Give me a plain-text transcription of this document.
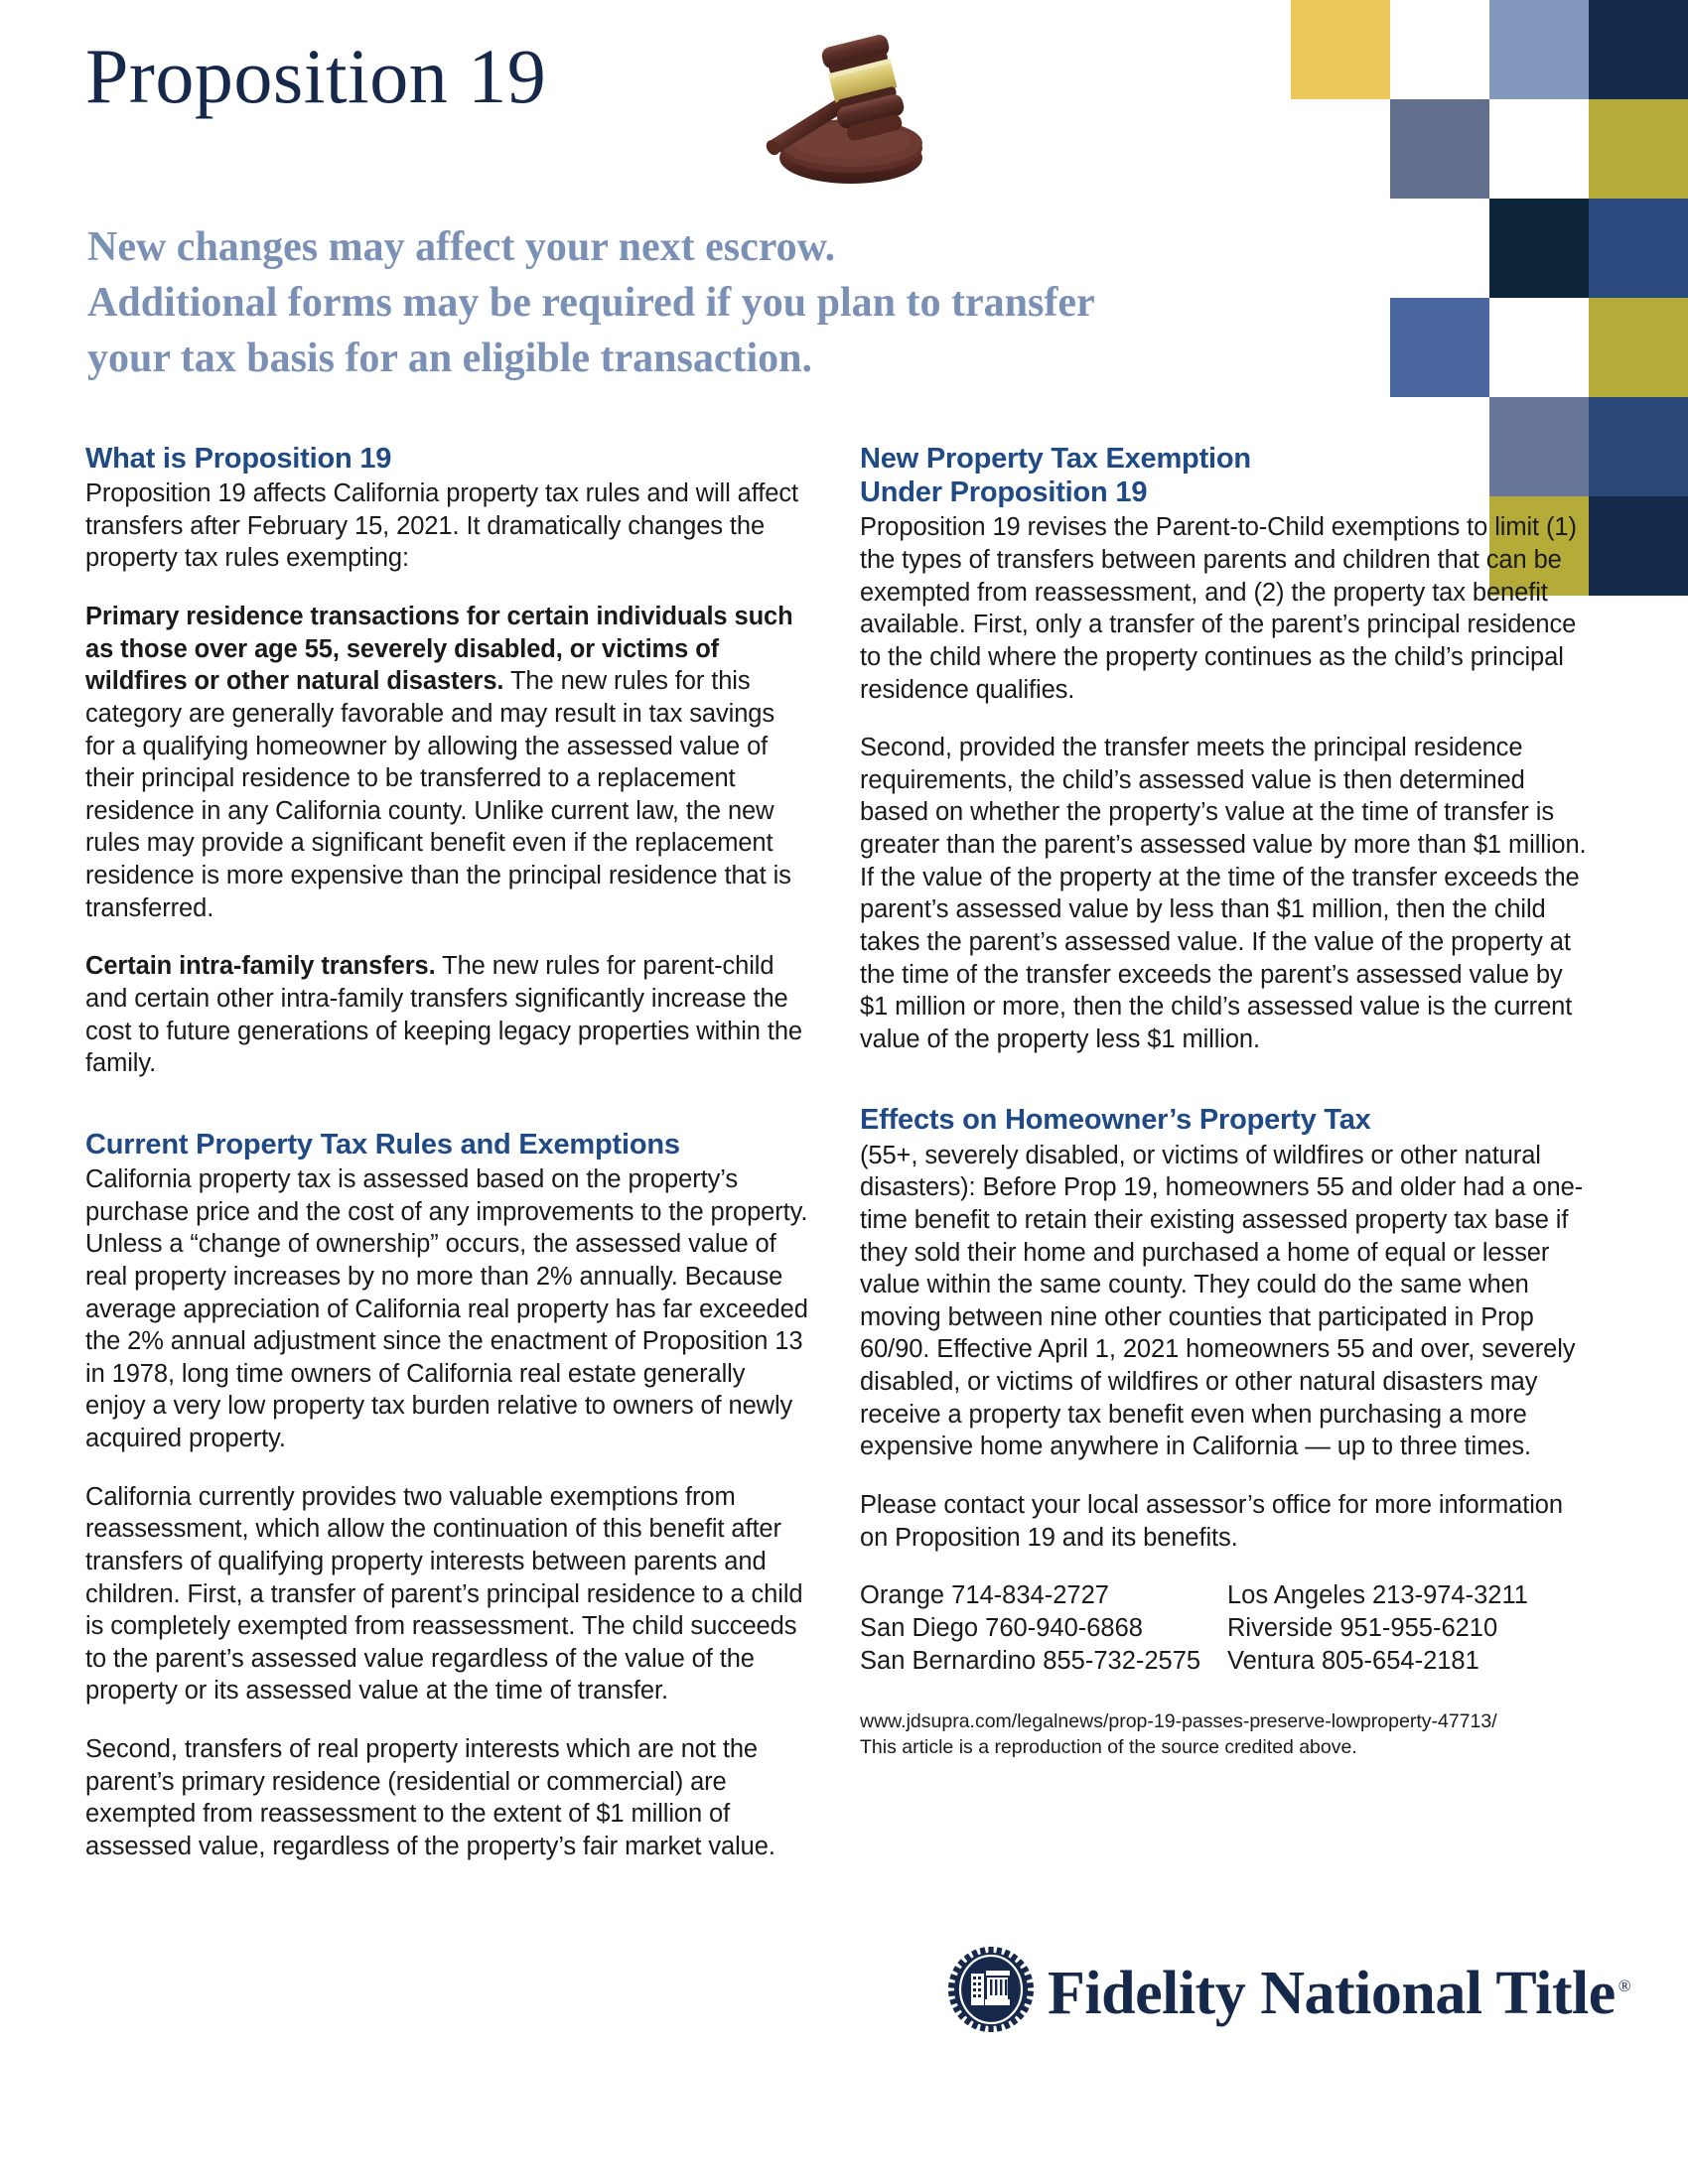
Proposition 19
New changes may affect your next escrow.
Additional forms may be required if you plan to transfer
your tax basis for an eligible transaction.
What is Proposition 19

Proposition 19 affects California property tax rules and will affect transfers after February 15, 2021. It dramatically changes the property tax rules exempting:

Primary residence transactions for certain individuals such as those over age 55, severely disabled, or victims of wildfires or other natural disasters. The new rules for this category are generally favorable and may result in tax savings for a qualifying homeowner by allowing the assessed value of their principal residence to be transferred to a replacement residence in any California county. Unlike current law, the new rules may provide a significant benefit even if the replacement residence is more expensive than the principal residence that is transferred.

Certain intra-family transfers. The new rules for parent-child and certain other intra-family transfers significantly increase the cost to future generations of keeping legacy properties within the family.

Current Property Tax Rules and Exemptions

California property tax is assessed based on the property’s purchase price and the cost of any improvements to the property. Unless a “change of ownership” occurs, the assessed value of real property increases by no more than 2% annually. Because average appreciation of California real property has far exceeded the 2% annual adjustment since the enactment of Proposition 13 in 1978, long time owners of California real estate generally enjoy a very low property tax burden relative to owners of newly acquired property.

California currently provides two valuable exemptions from reassessment, which allow the continuation of this benefit after transfers of qualifying property interests between parents and children. First, a transfer of parent’s principal residence to a child is completely exempted from reassessment. The child succeeds to the parent’s assessed value regardless of the value of the property or its assessed value at the time of transfer.

Second, transfers of real property interests which are not the parent’s primary residence (residential or commercial) are exempted from reassessment to the extent of $1 million of assessed value, regardless of the property’s fair market value.

New Property Tax Exemption
Under Proposition 19

Proposition 19 revises the Parent-to-Child exemptions to limit (1) the types of transfers between parents and children that can be exempted from reassessment, and (2) the property tax benefit available. First, only a transfer of the parent’s principal residence to the child where the property continues as the child’s principal residence qualifies.

Second, provided the transfer meets the principal residence requirements, the child’s assessed value is then determined based on whether the property’s value at the time of transfer is greater than the parent’s assessed value by more than $1 million. If the value of the property at the time of the transfer exceeds the parent’s assessed value by less than $1 million, then the child takes the parent’s assessed value. If the value of the property at the time of the transfer exceeds the parent’s assessed value by $1 million or more, then the child’s assessed value is the current value of the property less $1 million.

Effects on Homeowner’s Property Tax

(55+, severely disabled, or victims of wildfires or other natural disasters): Before Prop 19, homeowners 55 and older had a one-time benefit to retain their existing assessed property tax base if they sold their home and purchased a home of equal or lesser value within the same county. They could do the same when moving between nine other counties that participated in Prop 60/90. Effective April 1, 2021 homeowners 55 and over, severely disabled, or victims of wildfires or other natural disasters may receive a property tax benefit even when purchasing a more expensive home anywhere in California — up to three times.

Please contact your local assessor’s office for more information on Proposition 19 and its benefits.

Orange 714-834-2727
San Diego 760-940-6868
San Bernardino 855-732-2575
Los Angeles 213-974-3211
Riverside 951-955-6210
Ventura 805-654-2181
www.jdsupra.com/legalnews/prop-19-passes-preserve-lowproperty-47713/
This article is a reproduction of the source credited above.
Fidelity National Title ®
